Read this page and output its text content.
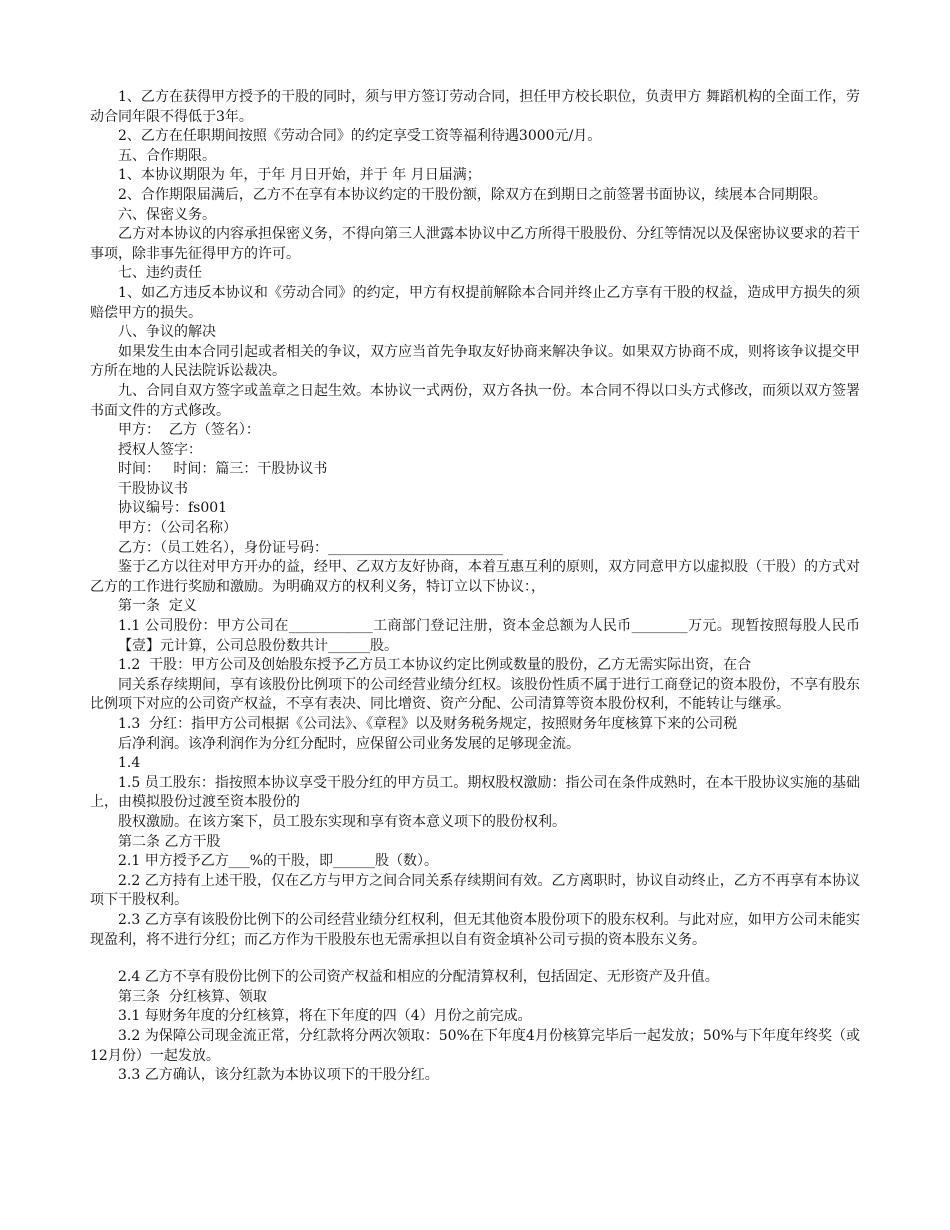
1、乙方在获得甲方授予的干股的同时，须与甲方签订劳动合同，担任甲方校长职位，负责甲方 舞蹈机构的全面工作，劳动合同年限不得低于3年。

2、乙方在任职期间按照《劳动合同》的约定享受工资等福利待遇3000元/月。

五、合作期限。

1、本协议期限为 年，于年 月日开始，并于 年 月日届满；

2、合作期限届满后，乙方不在享有本协议约定的干股份额，除双方在到期日之前签署书面协议，续展本合同期限。

六、保密义务。

乙方对本协议的内容承担保密义务，不得向第三人泄露本协议中乙方所得干股股份、分红等情况以及保密协议要求的若干事项，除非事先征得甲方的许可。

七、违约责任

1、如乙方违反本协议和《劳动合同》的约定，甲方有权提前解除本合同并终止乙方享有干股的权益，造成甲方损失的须赔偿甲方的损失。

八、争议的解决

如果发生由本合同引起或者相关的争议，双方应当首先争取友好协商来解决争议。如果双方协商不成，则将该争议提交甲方所在地的人民法院诉讼裁决。

九、合同自双方签字或盖章之日起生效。本协议一式两份，双方各执一份。本合同不得以口头方式修改，而须以双方签署书面文件的方式修改。

甲方：  乙方（签名）：

授权人签字：

时间：   时间：篇三：干股协议书

干股协议书

协议编号：fs001

甲方：（公司名称）

乙方：（员工姓名），身份证号码：_________________________

鉴于乙方以往对甲方开办的益，经甲、乙双方友好协商，本着互惠互利的原则，双方同意甲方以虚拟股（干股）的方式对乙方的工作进行奖励和激励。为明确双方的权利义务，特订立以下协议：，

第一条  定义

1.1 公司股份：甲方公司在____________工商部门登记注册，资本金总额为人民币________万元。现暂按照每股人民币【壹】元计算，公司总股份数共计______股。

1.2  干股：甲方公司及创始股东授予乙方员工本协议约定比例或数量的股份，乙方无需实际出资，在合

同关系存续期间，享有该股份比例项下的公司经营业绩分红权。该股份性质不属于进行工商登记的资本股份，不享有股东比例项下对应的公司资产权益，不享有表决、同比增资、资产分配、公司清算等资本股份权利，不能转让与继承。

1.3  分红：指甲方公司根据《公司法》、《章程》以及财务税务规定，按照财务年度核算下来的公司税

后净利润。该净利润作为分红分配时，应保留公司业务发展的足够现金流。

1.4

1.5 员工股东：指按照本协议享受干股分红的甲方员工。期权股权激励：指公司在条件成熟时，在本干股协议实施的基础上，由模拟股份过渡至资本股份的

股权激励。在该方案下，员工股东实现和享有资本意义项下的股份权利。

第二条 乙方干股

2.1 甲方授予乙方___%的干股，即______股（数）。

2.2 乙方持有上述干股，仅在乙方与甲方之间合同关系存续期间有效。乙方离职时，协议自动终止，乙方不再享有本协议项下干股权利。

2.3 乙方享有该股份比例下的公司经营业绩分红权利，但无其他资本股份项下的股东权利。与此对应，如甲方公司未能实现盈利，将不进行分红；而乙方作为干股股东也无需承担以自有资金填补公司亏损的资本股东义务。

2.4 乙方不享有股份比例下的公司资产权益和相应的分配清算权利，包括固定、无形资产及升值。

第三条  分红核算、领取

3.1 每财务年度的分红核算，将在下年度的四（4）月份之前完成。

3.2 为保障公司现金流正常，分红款将分两次领取：50%在下年度4月份核算完毕后一起发放；50%与下年度年终奖（或12月份）一起发放。

3.3 乙方确认，该分红款为本协议项下的干股分红。
